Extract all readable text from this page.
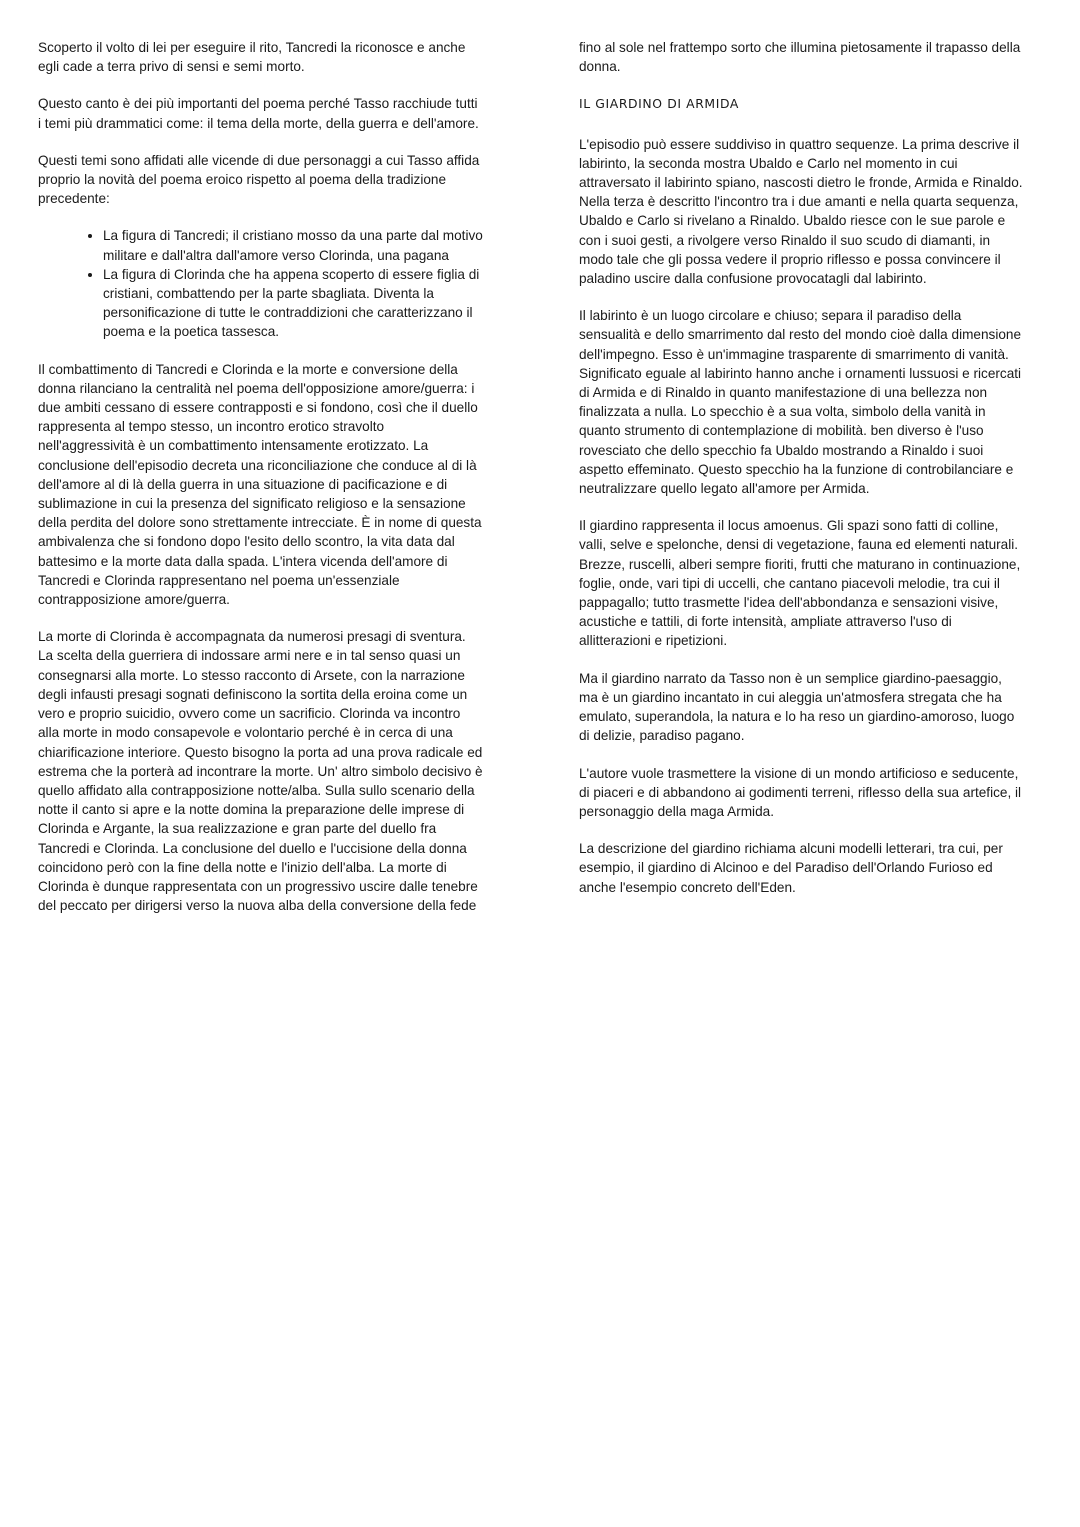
Scoperto il volto di lei per eseguire il rito, Tancredi la riconosce e anche
egli cade a terra privo di sensi e semi morto.

Questo canto è dei più importanti del poema perché Tasso racchiude tutti
i temi più drammatici come: il tema della morte, della guerra e dell'amore.

Questi temi sono affidati alle vicende di due personaggi a cui Tasso affida
proprio la novità del poema eroico rispetto al poema della tradizione
precedente:

• La figura di Tancredi; il cristiano mosso da una parte dal motivo
militare e dall'altra dall'amore verso Clorinda, una pagana
• La figura di Clorinda che ha appena scoperto di essere figlia di
cristiani, combattendo per la parte sbagliata. Diventa la
personificazione di tutte le contraddizioni che caratterizzano il
poema e la poetica tassesca.

Il combattimento di Tancredi e Clorinda e la morte e conversione della
donna rilanciano la centralità nel poema dell'opposizione amore/guerra: i
due ambiti cessano di essere contrapposti e si fondono, così che il duello
rappresenta al tempo stesso, un incontro erotico stravolto
nell'aggressività è un combattimento intensamente erotizzato. La
conclusione dell'episodio decreta una riconciliazione che conduce al di là
dell'amore al di là della guerra in una situazione di pacificazione e di
sublimazione in cui la presenza del significato religioso e la sensazione
della perdita del dolore sono strettamente intrecciate. È in nome di questa
ambivalenza che si fondono dopo l'esito dello scontro, la vita data dal
battesimo e la morte data dalla spada. L'intera vicenda dell'amore di
Tancredi e Clorinda rappresentano nel poema un'essenziale
contrapposizione amore/guerra.

La morte di Clorinda è accompagnata da numerosi presagi di sventura.
La scelta della guerriera di indossare armi nere e in tal senso quasi un
consegnarsi alla morte. Lo stesso racconto di Arsete, con la narrazione
degli infausti presagi sognati definiscono la sortita della eroina come un
vero e proprio suicidio, ovvero come un sacrificio. Clorinda va incontro
alla morte in modo consapevole e volontario perché è in cerca di una
chiarificazione interiore. Questo bisogno la porta ad una prova radicale ed
estrema che la porterà ad incontrare la morte. Un' altro simbolo decisivo è
quello affidato alla contrapposizione notte/alba. Sulla sullo scenario della
notte il canto si apre e la notte domina la preparazione delle imprese di
Clorinda e Argante, la sua realizzazione e gran parte del duello fra
Tancredi e Clorinda. La conclusione del duello e l'uccisione della donna
coincidono però con la fine della notte e l'inizio dell'alba. La morte di
Clorinda è dunque rappresentata con un progressivo uscire dalle tenebre
del peccato per dirigersi verso la nuova alba della conversione della fede

fino al sole nel frattempo sorto che illumina pietosamente il trapasso della
donna.

IL GIARDINO DI ARMIDA

L'episodio può essere suddiviso in quattro sequenze. La prima descrive il
labirinto, la seconda mostra Ubaldo e Carlo nel momento in cui
attraversato il labirinto spiano, nascosti dietro le fronde, Armida e Rinaldo.
Nella terza è descritto l'incontro tra i due amanti e nella quarta sequenza,
Ubaldo e Carlo si rivelano a Rinaldo. Ubaldo riesce con le sue parole e
con i suoi gesti, a rivolgere verso Rinaldo il suo scudo di diamanti, in
modo tale che gli possa vedere il proprio riflesso e possa convincere il
paladino uscire dalla confusione provocatagli dal labirinto.

Il labirinto è un luogo circolare e chiuso; separa il paradiso della
sensualità e dello smarrimento dal resto del mondo cioè dalla dimensione
dell'impegno. Esso è un'immagine trasparente di smarrimento di vanità.
Significato eguale al labirinto hanno anche i ornamenti lussuosi e ricercati
di Armida e di Rinaldo in quanto manifestazione di una bellezza non
finalizzata a nulla. Lo specchio è a sua volta, simbolo della vanità in
quanto strumento di contemplazione di mobilità. ben diverso è l'uso
rovesciato che dello specchio fa Ubaldo mostrando a Rinaldo i suoi
aspetto effeminato. Questo specchio ha la funzione di controbilanciare e
neutralizzare quello legato all'amore per Armida.

Il giardino rappresenta il locus amoenus. Gli spazi sono fatti di colline,
valli, selve e spelonche, densi di vegetazione, fauna ed elementi naturali.
Brezze, ruscelli, alberi sempre fioriti, frutti che maturano in continuazione,
foglie, onde, vari tipi di uccelli, che cantano piacevoli melodie, tra cui il
pappagallo; tutto trasmette l'idea dell'abbondanza e sensazioni visive,
acustiche e tattili, di forte intensità, ampliate attraverso l'uso di
allitterazioni e ripetizioni.

Ma il giardino narrato da Tasso non è un semplice giardino-paesaggio,
ma è un giardino incantato in cui aleggia un'atmosfera stregata che ha
emulato, superandola, la natura e lo ha reso un giardino-amoroso, luogo
di delizie, paradiso pagano.

L'autore vuole trasmettere la visione di un mondo artificioso e seducente,
di piaceri e di abbandono ai godimenti terreni, riflesso della sua artefice, il
personaggio della maga Armida.

La descrizione del giardino richiama alcuni modelli letterari, tra cui, per
esempio, il giardino di Alcinoo e del Paradiso dell'Orlando Furioso ed
anche l'esempio concreto dell'Eden.
